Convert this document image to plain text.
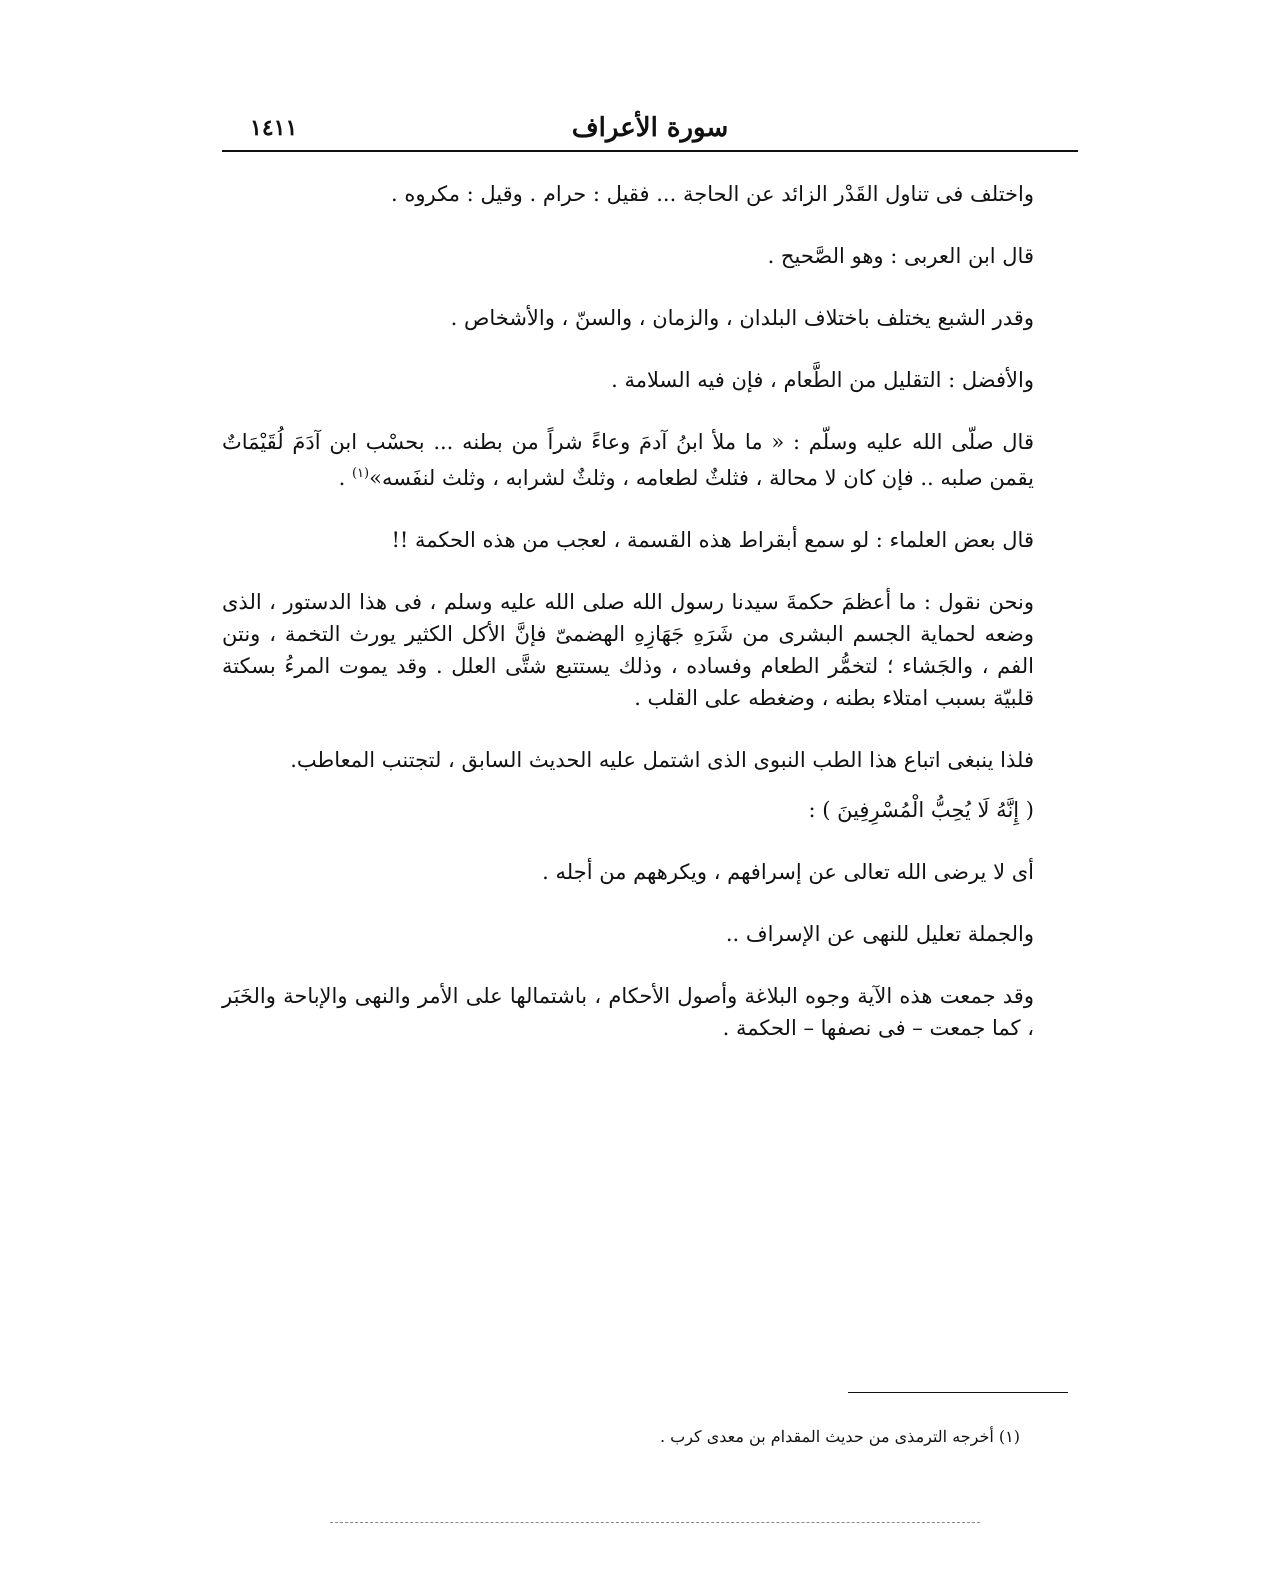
سورة الأعراف
١٤١١

واختلف فى تناول القَدْر الزائد عن الحاجة ... فقيل : حرام . وقيل : مكروه .

قال ابن العربى : وهو الصَّحيح .

وقدر الشبع يختلف باختلاف البلدان ، والزمان ، والسنّ ، والأشخاص .

والأفضل : التقليل من الطَّعام ، فإن فيه السلامة .

قال صلّى الله عليه وسلّم : « ما ملأ ابنُ آدمَ وعاءً شراً من بطنه ... بحسْب ابن آدَمَ لُقَيْمَاتٌ يقمن صلبه .. فإن كان لا محالة ، فثلثٌ لطعامه ، وثلثٌ لشرابه ، وثلث لنفَسه»$^{(١)}$ .

قال بعض العلماء : لو سمع أبقراط هذه القسمة ، لعجب من هذه الحكمة !!

ونحن نقول : ما أعظمَ حكمةَ سيدنا رسول الله صلى الله عليه وسلم ، فى هذا الدستور ، الذى وضعه لحماية الجسم البشرى من شَرَهِ جَهَازِهِ الهضمىّ فإنَّ الأكل الكثير يورث التخمة ، ونتن الفم ، والجَشاء ؛ لتخمُّر الطعام وفساده ، وذلك يستتبع شتَّى العلل . وقد يموت المرءُ بسكتة قلبيّة بسبب امتلاء بطنه ، وضغطه على القلب .

فلذا ينبغى اتباع هذا الطب النبوى الذى اشتمل عليه الحديث السابق ، لتجتنب المعاطب.

( إِنَّهُ لَا يُحِبُّ الْمُسْرِفِينَ ) :

أى لا يرضى الله تعالى عن إسرافهم ، ويكرههم من أجله .

والجملة تعليل للنهى عن الإسراف ..

وقد جمعت هذه الآية وجوه البلاغة وأصول الأحكام ، باشتمالها على الأمر والنهى والإباحة والخَبَر ، كما جمعت – فى نصفها – الحكمة .

(١) أخرجه الترمذى من حديث المقدام بن معدى كرب .
